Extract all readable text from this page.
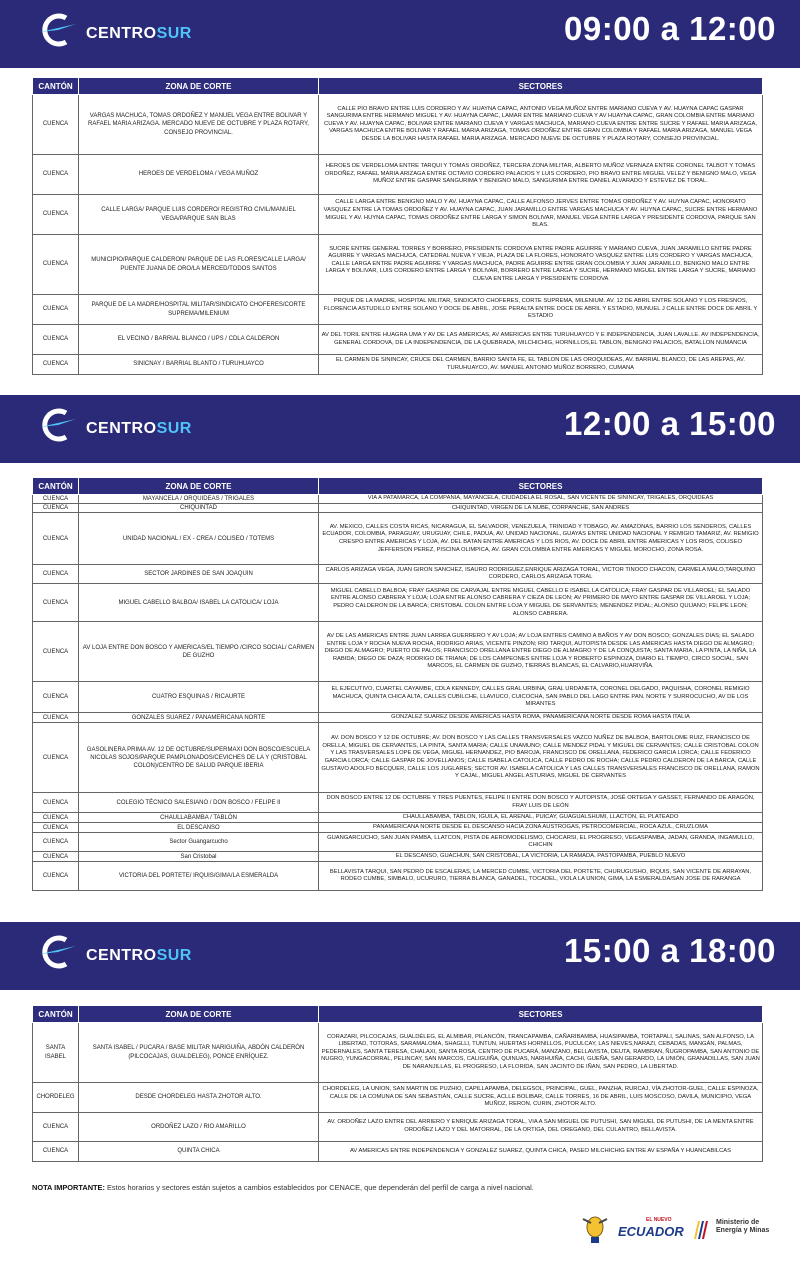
CENTROSUR	09:00 a 12:00
CANTÓN	ZONA DE CORTE	SECTORES
CUENCA	VARGAS MACHUCA, TOMAS ORDOÑEZ Y MANUEL VEGA ENTRE BOLIVAR Y RAFAEL MARIA ARIZAGA. MERCADO NUEVE DE OCTUBRE Y PLAZA ROTARY, CONSEJO PROVINCIAL.	CALLE PIO BRAVO ENTRE LUIS CORDERO Y AV. HUAYNA CAPAC, ANTONIO VEGA MUÑOZ ENTRE MARIANO CUEVA Y AV. HUAYNA CAPAC GASPAR SANGURIMA ENTRE HERMANO MIGUEL Y AV. HUAYNA CAPAC, LAMAR ENTRE MARIANO CUEVA Y AV HUAYNA CAPAC, GRAN COLOMBIA ENTRE MARIANO CUEVA Y AV. HUAYNA CAPAC, BOLIVAR ENTRE MARIANO CUEVA Y VARGAS MACHUCA, MARIANO CUEVA ENTRE ENTRE SUCRE Y RAFAEL MARIA ARIZAGA, VARGAS MACHUCA ENTRE BOLIVAR Y RAFAEL MARIA ARIZAGA, TOMAS ORDOÑEZ ENTRE GRAN COLOMBIA Y RAFAEL MARIA ARIZAGA, MANUEL VEGA DESDE LA BOLIVAR HASTA RAFAEL MARIA ARIZAGA. MERCADO NUEVE DE OCTUBRE Y PLAZA ROTARY, CONSEJO PROVINCIAL.
CUENCA	HEROES DE VERDELOMA / VEGA MUÑOZ	HEROES DE VERDELOMA ENTRE TARQUI Y TOMAS ORDOÑEZ, TERCERA ZONA MILITAR, ALBERTO MUÑOZ VERNAZA ENTRE CORONEL TALBOT Y TOMAS ORDOÑEZ, RAFAEL MARIA ARIZAGA ENTRE OCTAVIO CORDERO PALACIOS Y LUIS CORDERO, PIO BRAVO ENTRE MIGUEL VELEZ Y BENIGNO MALO, VEGA MUÑOZ ENTRE GASPAR SANGURIMA Y BENIGNO MALO, SANGURIMA ENTRE DANIEL ALVARADO Y ESTEVEZ DE TORAL.
CUENCA	CALLE LARGA/ PARQUE LUIS CORDERO/ REGISTRO CIVIL/MANUEL VEGA/PARQUE SAN BLAS	CALLE LARGA ENTRE BENIGNO MALO Y AV. HUAYNA CAPAC, CALLE ALFONSO JERVES ENTRE TOMAS ORDOÑEZ Y AV. HUYNA CAPAC, HONORATO VASQUEZ ENTRE LA TOMAS ORDOÑEZ Y AV. HUAYNA CAPAC, JUAN JARAMILLO ENTRE VARGAS MACHUCA Y AV. HUYNA CAPAC, SUCRE ENTRE HERMANO MIGUEL Y AV. HUYNA CAPAC, TOMAS ORDOÑEZ ENTRE LARGA Y SIMON BOLIVAR, MANUEL VEGA ENTRE LARGA Y PRESIDENTE CORDOVA, PARQUE SAN BLAS.
CUENCA	MUNICIPIO/PARQUE CALDERON/ PARQUE DE LAS FLORES/CALLE LARGA/ PUENTE JUANA DE ORO/LA MERCED/TODOS SANTOS	SUCRE ENTRE GENERAL TORRES Y BORRERO, PRESIDENTE CORDOVA ENTRE PADRE AGUIRRE Y MARIANO CUEVA, JUAN JARAMILLO ENTRE PADRE AGUIRRE Y VARGAS MACHUCA, CATEDRAL NUEVA Y VIEJA, PLAZA DE LA FLORES, HONORATO VASQUEZ ENTRE LUIS CORDERO Y VARGAS MACHUCA, CALLE LARGA ENTRE PADRE AGUIRRE Y VARGAS MACHUCA, PADRE AGUIRRE ENTRE GRAN COLOMBIA Y JUAN JARAMILLO, BENIGNO MALO ENTRE LARGA Y BOLIVAR, LUIS CORDERO ENTRE LARGA Y BOLIVAR, BORRERO ENTRE LARGA Y SUCRE, HERMANO MIGUEL ENTRE LARGA Y SUCRE, MARIANO CUEVA ENTRE LARGA Y PRESIDENTE CORDOVA
CUENCA	PARQUE DE LA MADRE/HOSPITAL MILITAR/SINDICATO CHOFERES/CORTE SUPREMA/MILENIUM	PRQUE DE LA MADRE, HOSPITAL MILITAR, SINDICATO CHOFERES, CORTE SUPREMA, MILENIUM. AV. 12 DE ABRIL ENTRE SOLANO Y LOS FRESNOS, FLORENCIA ASTUDILLO ENTRE SOLANO Y DOCE DE ABRIL, JOSE PERALTA ENTRE DOCE DE ABRIL Y ESTADIO, MUNUEL J CALLE ENTRE DOCE DE ABRIL Y ESTADIO
CUENCA	EL VECINO / BARRIAL BLANCO / UPS / CDLA CALDERON	AV DEL TORIL ENTRE HUAGRA UMA Y AV DE LAS AMERICAS, AV AMERICAS ENTRE TURUHUAYCO Y E INDEPENDENCIA, JUAN LAVALLE. AV INDEPENDENCIA, GENERAL CORDOVA, DE LA INDEPENDENCIA, DE LA QUEBRADA, MILCHICHIG, HORNILLOS,EL TABLON, BENIGNO PALACIOS, BATALLON NUMANCIA
CUENCA	SINICNAY / BARRIAL BLANTO / TURUHUAYCO	EL CARMEN DE SININCAY, CRUCE DEL CARMEN, BARRIO SANTA FE, EL TABLON DE LAS OROQUIDEAS, AV. BARRIAL BLANCO, DE LAS AREPAS, AV. TURUHUAYCO, AV. MANUEL ANTONIO MUÑOZ BORRERO, CUMANA
CENTROSUR	12:00 a 15:00
CANTÓN	ZONA DE CORTE	SECTORES
CUENCA	MAYANCELA / ORQUIDEAS / TRIGALES	VIA A PATAMARCA, LA COMPANIA, MAYANCELA, CIUDADELA EL ROSAL, SAN VICENTE DE SININCAY, TRIGALES, ORQUIDEAS
CUENCA	CHIQUINTAD	CHIQUINTAD, VIRGEN DE LA NUBE, CORPANCHE, SAN ANDRES
CUENCA	UNIDAD NACIONAL / EX - CREA / COLISEO / TOTEMS	AV. MEXICO, CALLES COSTA RICAS, NICARAGUA, EL SALVADOR, VENEZUELA, TRINIDAD Y TOBAGO, AV. AMAZONAS, BARRIO LOS SENDEROS, CALLES ECUADOR, COLOMBIA, PARAGUAY, URUGUAY, CHILE, PADUA, AV. UNIDAD NACIONAL, GUAYAS ENTRE UNIDAD NACIONAL Y REMIGIO TAMARIZ, AV. REMIGIO CRESPO ENTRE AMERICAS Y LOJA, AV. DEL BATAN ENTRE AMERICAS Y LOS RIOS, AV. DOCE DE ABRIL ENTRE AMERICAS Y LOS RIOS, COLISEO JEFFERSON PEREZ, PISCINA OLIMPICA, AV. GRAN COLOMBIA ENTRE AMERICAS Y MIGUEL MOROCHO, ZONA ROSA.
CUENCA	SECTOR JARDINES DE SAN JOAQUIN	CARLOS ARIZAGA VEGA, JUAN GIRON SANCHEZ, ISAURO RODRIGUEZ,ENRIQUE ARIZAGA TORAL, VICTOR TINOCO CHACON, CARMELA MALO,TARQUINO CORDERO, CARLOS ARIZAGA TORAL
CUENCA	MIGUEL CABELLO BALBOA/ ISABEL LA CATOLICA/ LOJA	MIGUEL CABELLO BALBOA; FRAY GASPAR DE CARVAJAL ENTRE MIGUEL CABELLO E ISABEL LA CATOLICA; FRAY GASPAR DE VILLAROEL; EL SALADO ENTRE ALONSO CABRERA Y LOJA; LOJA ENTRE ALONSO CABRERA Y CIEZA DE LEON; AV PRIMERO DE MAYO ENTRE GASPAR DE VILLAROEL Y LOJA; PEDRO CALDERON DE LA BARCA; CRISTOBAL COLON ENTRE LOJA Y MIGUEL DE SERVANTES; MENENDEZ PIDAL; ALONSO QUIJANO; FELIPE LEON; ALONSO CABRERA.
CUENCA	AV LOJA ENTRE DON BOSCO Y AMERICAS/EL TIEMPO /CIRCO SOCIAL/ CARMEN DE GUZHO	AV DE LAS AMERICAS ENTRE JUAN LARREA GUERRERO Y AV LOJA; AV LOJA ENTRES CAMINO A BAÑOS Y AV DON BOSCO; GONZALES DIAS; EL SALADO ENTRE LOJA Y ROCHA NUEVA ROCHA, RODRIGO ARIAS, VICENTE PINZON; RIO TARQUI, AUTOPISTA DESDE LAS AMERICAS HASTA DIEGO DE ALMAGRO; DIEGO DE ALMAGRO; PUERTO DE PALOS; FRANCISCO ORELLANA ENTRE DIEGO DE ALMAGRO Y DE LA CONQUISTA; SANTA MARIA, LA PINTA, LA NIÑA, LA RABIDA; DIEGO DE DAZA; RODRIGO DE TRIANA; DE LOS CAMPEONES ENTRE LOJA Y ROBERTO ESPINOZA, DIARIO EL TIEMPO, CIRCO SOCIAL, SAN MARCOS, EL CARMEN DE GUZHO, TIERRAS BLANCAS, EL CALVARIO,HUARIVIÑA.
CUENCA	CUATRO ESQUINAS / RICAURTE	EL EJECUTIVO, CUARTEL CAYAMBE, CDLA KENNEDY, CALLES GRAL URBINA, GRAL URDANETA, CORONEL DELGADO, PAQUISHA, CORONEL REMIGIO MACHUCA, QUINTA CHICA ALTA, CALLES CUBILCHE, LLAVIUCO, CUICOCHA, SAN PABLO DEL LAGO ENTRE PAN. NORTE Y SURROCUCHO, AV DE LOS MIRANTES
CUENCA	GONZALES SUAREZ / PANAMERICANA NORTE	GONZALEZ SUAREZ DESDE AMERICAS HASTA ROMA, PANAMERICANA NORTE DESDE ROMA HASTA ITALIA
CUENCA	GASOLINERA PRIMA AV. 12 DE OCTUBRE/SUPERMAXI DON BOSCO/ESCUELA NICOLAS SOJOS/PARQUE PAMPLONADOS/CEVICHES DE LA Y (CRISTOBAL COLON)/CENTRO DE SALUD PARQUE IBERIA	AV. DON BOSCO Y 12 DE OCTUBRE; AV. DON BOSCO Y LAS CALLES TRANSVERSALES VAZCO NUÑEZ DE BALBOA, BARTOLOME RUIZ, FRANCISCO DE ORELLA, MIGUEL DE CERVANTES, LA PINTA, SANTA MARIA; CALLE UNAMUNO; CALLE MENDEZ PIDAL Y MIGUEL DE CERVANTES; CALLE CRISTOBAL COLON Y LAS TRASVERSALES LOPE DE VEGA, MIGUEL HERNANDEZ, PIO BAROJA, FRANCISCO DE ORELLANA, FEDERICO GARCIA LORCA; CALLE FEDERICO GARCIA LORCA; CALLE GASPAR DE JOVELLANOS; CALLE ISABELA CATOLICA, CALLE PEDRO DE ROCHA; CALLE PEDRO CALDERON DE LA BARCA, CALLE GUSTAVO ADOLFO BECQUER, CALLE LOS JUGLARES; SECTOR AV. ISABELA CATOLICA Y LAS CALLES TRANSVERSALES FRANCISCO DE ORELLANA, RAMON Y CAJAL, MIGUEL ANGEL ASTURIAS, MIGUEL DE CERVANTES
CUENCA	COLEGIO TÉCNICO SALESIANO / DON BOSCO / FELIPE II	DON BOSCO ENTRE 12 DE OCTUBRE Y TRES PUENTES, FELIPE II ENTRE DON BOSCO Y AUTOPISTA, JOSÉ ORTEGA Y GASSET, FERNANDO DE ARAGÓN, FRAY LUIS DE LEÓN
CUENCA	CHAULLABAMBA / TABLÓN	CHAULLABAMBA, TABLON, IGUILA, EL ARENAL, PUICAY, GUAGUALSHUMI, LLACTON, EL PLATEADO
CUENCA	EL DESCANSO	PANAMERICANA NORTE DESDE EL DESCANSO HACIA ZONA AUSTROGAS, PETROCOMERCIAL, ROCA AZUL, CRUZLOMA
CUENCA	Sector Guangarcucho	GUANGARCUCHO, SAN JUAN PAMBA, LLATCON, PISTA DE AEROMODELISMO, CHOCARSI, EL PROGRESO, VEGASPAMBA, JADAN, GRANDA, INGAMULLO, CHICHIN
CUENCA	San Cristobal	EL DESCANSO, GUACHUN, SAN CRISTOBAL, LA VICTORIA, LA RAMADA, PASTOPAMBA, PUEBLO NUEVO
CUENCA	VICTORIA DEL PORTETE/ IRQUIS/GIMA/LA ESMERALDA	BELLAVISTA TARQUI, SAN PEDRO DE ESCALERAS, LA MERCED CUMBE, VICTORIA DEL PORTETE, CHURUGUSHO, IRQUIS, SAN VICENTE DE ARRAYAN, RODEO CUMBE, SIMBALO, UCURURO, TIERRA BLANCA, GANADEL, TOCADEL, VIOLA LA UNION, GIMA, LA ESMERALDA/SAN JOSE DE RARANGA
CENTROSUR	15:00 a 18:00
CANTÓN	ZONA DE CORTE	SECTORES
SANTA ISABEL	SANTA ISABEL / PUCARA / BASE MILITAR NARIGUIÑA, ABDÓN CALDERÓN (PILCOCAJAS, GUALDELEG), PONCE ENRÍQUEZ.	CORAZARI, PILCOCAJAS, GUALDÉLEG, EL ALMIBAR, PILANCÓN, TRANCAPAMBA, CAÑARIBAMBA, HUASIPAMBA, TORTAPALI, SALINAS, SAN ALFONSO, LA LIBERTAD, TOTORAS, SARAMALOMA, SHAGLLI, TUNTUN, HUERTAS HORNILLOS, PUCULCAY, LAS NIEVES,NARAZI, CEBADAS, MANGÁN, PALMAS, PEDERNALES, SANTA TERESA, CHALAXI, SANTA ROSA, CENTRO DE PUCARÁ, MANZANO, BELLAVISTA, DEUTA, RAMBRAN, ÑUGROPAMBA, SAN ANTONIO DE NUGRO, YUNGACORRAL, PELINCAY, SAN MARCOS, CALIGUIÑA, QUINUAS, NARIHUIÑA, CACHI, GUEÑA, SAN GERARDO, LA UNIÓN, GRANADILLAS, SAN JUAN DE NARANJILLAS, EL PROGRESO, LA FLORIDA, SAN JACINTO DE IÑAN, SAN PEDRO, LA LIBERTAD.
CHORDELEG	DESDE CHORDELEG HASTA ZHOTOR ALTO.	CHORDELEG, LA UNION, SAN MARTIN DE PUZHIO, CAPILLAPAMBA, DELEGSOL, PRINCIPAL, GUEL, PANZHA, RURCAJ, VÍA ZHOTOR-GUEL, CALLE ESPINOZA, CALLE DE LA COMUNA DE SAN SEBASTIÁN, CALLE SUCRE, ACLLE BOLIBAR, CALLE TORRES, 16 DE ABRIL, LUIS MOSCOSO, DAVILA, MUNICIPIO, VEGA MUÑOZ, RERON, CURIN, ZHOTOR ALTO.
CUENCA	ORDOÑEZ LAZO / RIO AMARILLO	AV. ORDOÑEZ LAZO ENTRE DEL ARRIERO Y ENRIQUE ARIZAGA TORAL, VIA A SAN MIGUEL DE PUTUSHI, SAN MIGUEL DE PUTUSHI, DE LA MENTA ENTRE ORDOÑEZ LAZO Y DEL MATORRAL, DE LA ORTIGA, DEL OREGANO, DEL CULANTRO, BELLAVISTA.
CUENCA	QUINTA CHICA	AV AMERICAS ENTRE INDEPENDENCIA Y GONZALEZ SUAREZ, QUINTA CHICA, PASEO MILCHICHIG ENTRE AV ESPAÑA Y HUANCABILCAS
NOTA IMPORTANTE: Estos horarios y sectores están sujetos a cambios establecidos por CENACE, que dependerán del perfil de carga a nivel nacional.
EL NUEVO
ECUADOR
Ministerio de
Energía y Minas
